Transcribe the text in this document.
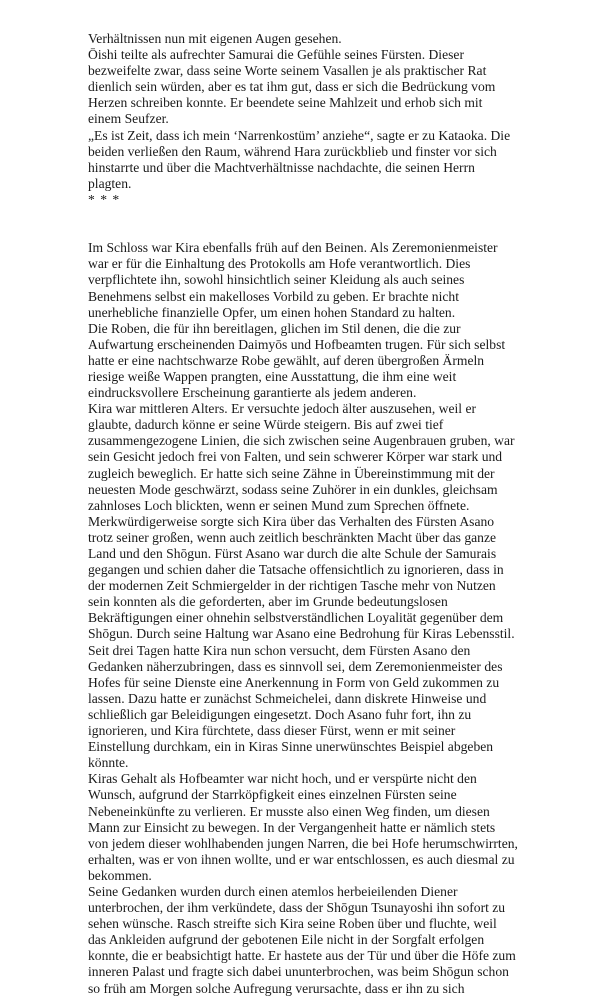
Verhältnissen nun mit eigenen Augen gesehen.

Ōishi teilte als aufrechter Samurai die Gefühle seines Fürsten. Dieser bezweifelte zwar, dass seine Worte seinem Vasallen je als praktischer Rat dienlich sein würden, aber es tat ihm gut, dass er sich die Bedrückung vom Herzen schreiben konnte. Er beendete seine Mahlzeit und erhob sich mit einem Seufzer.

„Es ist Zeit, dass ich mein ‘Narrenkostüm’ anziehe“, sagte er zu Kataoka. Die beiden verließen den Raum, während Hara zurückblieb und finster vor sich hinstarrte und über die Machtverhältnisse nachdachte, die seinen Herrn plagten.

* * *

Im Schloss war Kira ebenfalls früh auf den Beinen. Als Zeremonienmeister war er für die Einhaltung des Protokolls am Hofe verantwortlich. Dies verpflichtete ihn, sowohl hinsichtlich seiner Kleidung als auch seines Benehmens selbst ein makelloses Vorbild zu geben. Er brachte nicht unerhebliche finanzielle Opfer, um einen hohen Standard zu halten.

Die Roben, die für ihn bereitlagen, glichen im Stil denen, die die zur Aufwartung erscheinenden Daimyōs und Hofbeamten trugen. Für sich selbst hatte er eine nachtschwarze Robe gewählt, auf deren übergroßen Ärmeln riesige weiße Wappen prangten, eine Ausstattung, die ihm eine weit eindrucksvollere Erscheinung garantierte als jedem anderen.

Kira war mittleren Alters. Er versuchte jedoch älter auszusehen, weil er glaubte, dadurch könne er seine Würde steigern. Bis auf zwei tief zusammengezogene Linien, die sich zwischen seine Augenbrauen gruben, war sein Gesicht jedoch frei von Falten, und sein schwerer Körper war stark und zugleich beweglich. Er hatte sich seine Zähne in Übereinstimmung mit der neuesten Mode geschwärzt, sodass seine Zuhörer in ein dunkles, gleichsam zahnloses Loch blickten, wenn er seinen Mund zum Sprechen öffnete.

Merkwürdigerweise sorgte sich Kira über das Verhalten des Fürsten Asano trotz seiner großen, wenn auch zeitlich beschränkten Macht über das ganze Land und den Shōgun. Fürst Asano war durch die alte Schule der Samurais gegangen und schien daher die Tatsache offensichtlich zu ignorieren, dass in der modernen Zeit Schmiergelder in der richtigen Tasche mehr von Nutzen sein konnten als die geforderten, aber im Grunde bedeutungslosen Bekräftigungen einer ohnehin selbstverständlichen Loyalität gegenüber dem Shōgun. Durch seine Haltung war Asano eine Bedrohung für Kiras Lebensstil.

Seit drei Tagen hatte Kira nun schon versucht, dem Fürsten Asano den Gedanken näherzubringen, dass es sinnvoll sei, dem Zeremonienmeister des Hofes für seine Dienste eine Anerkennung in Form von Geld zukommen zu lassen. Dazu hatte er zunächst Schmeichelei, dann diskrete Hinweise und schließlich gar Beleidigungen eingesetzt. Doch Asano fuhr fort, ihn zu ignorieren, und Kira fürchtete, dass dieser Fürst, wenn er mit seiner Einstellung durchkam, ein in Kiras Sinne unerwünschtes Beispiel abgeben könnte.

Kiras Gehalt als Hofbeamter war nicht hoch, und er verspürte nicht den Wunsch, aufgrund der Starrköpfigkeit eines einzelnen Fürsten seine Nebeneinkünfte zu verlieren. Er musste also einen Weg finden, um diesen Mann zur Einsicht zu bewegen. In der Vergangenheit hatte er nämlich stets von jedem dieser wohlhabenden jungen Narren, die bei Hofe herumschwirrten, erhalten, was er von ihnen wollte, und er war entschlossen, es auch diesmal zu bekommen.

Seine Gedanken wurden durch einen atemlos herbeieilenden Diener unterbrochen, der ihm verkündete, dass der Shōgun Tsunayoshi ihn sofort zu sehen wünsche. Rasch streifte sich Kira seine Roben über und fluchte, weil das Ankleiden aufgrund der gebotenen Eile nicht in der Sorgfalt erfolgen konnte, die er beabsichtigt hatte. Er hastete aus der Tür und über die Höfe zum inneren Palast und fragte sich dabei ununterbrochen, was beim Shōgun schon so früh am Morgen solche Aufregung verursachte, dass er ihn zu sich
